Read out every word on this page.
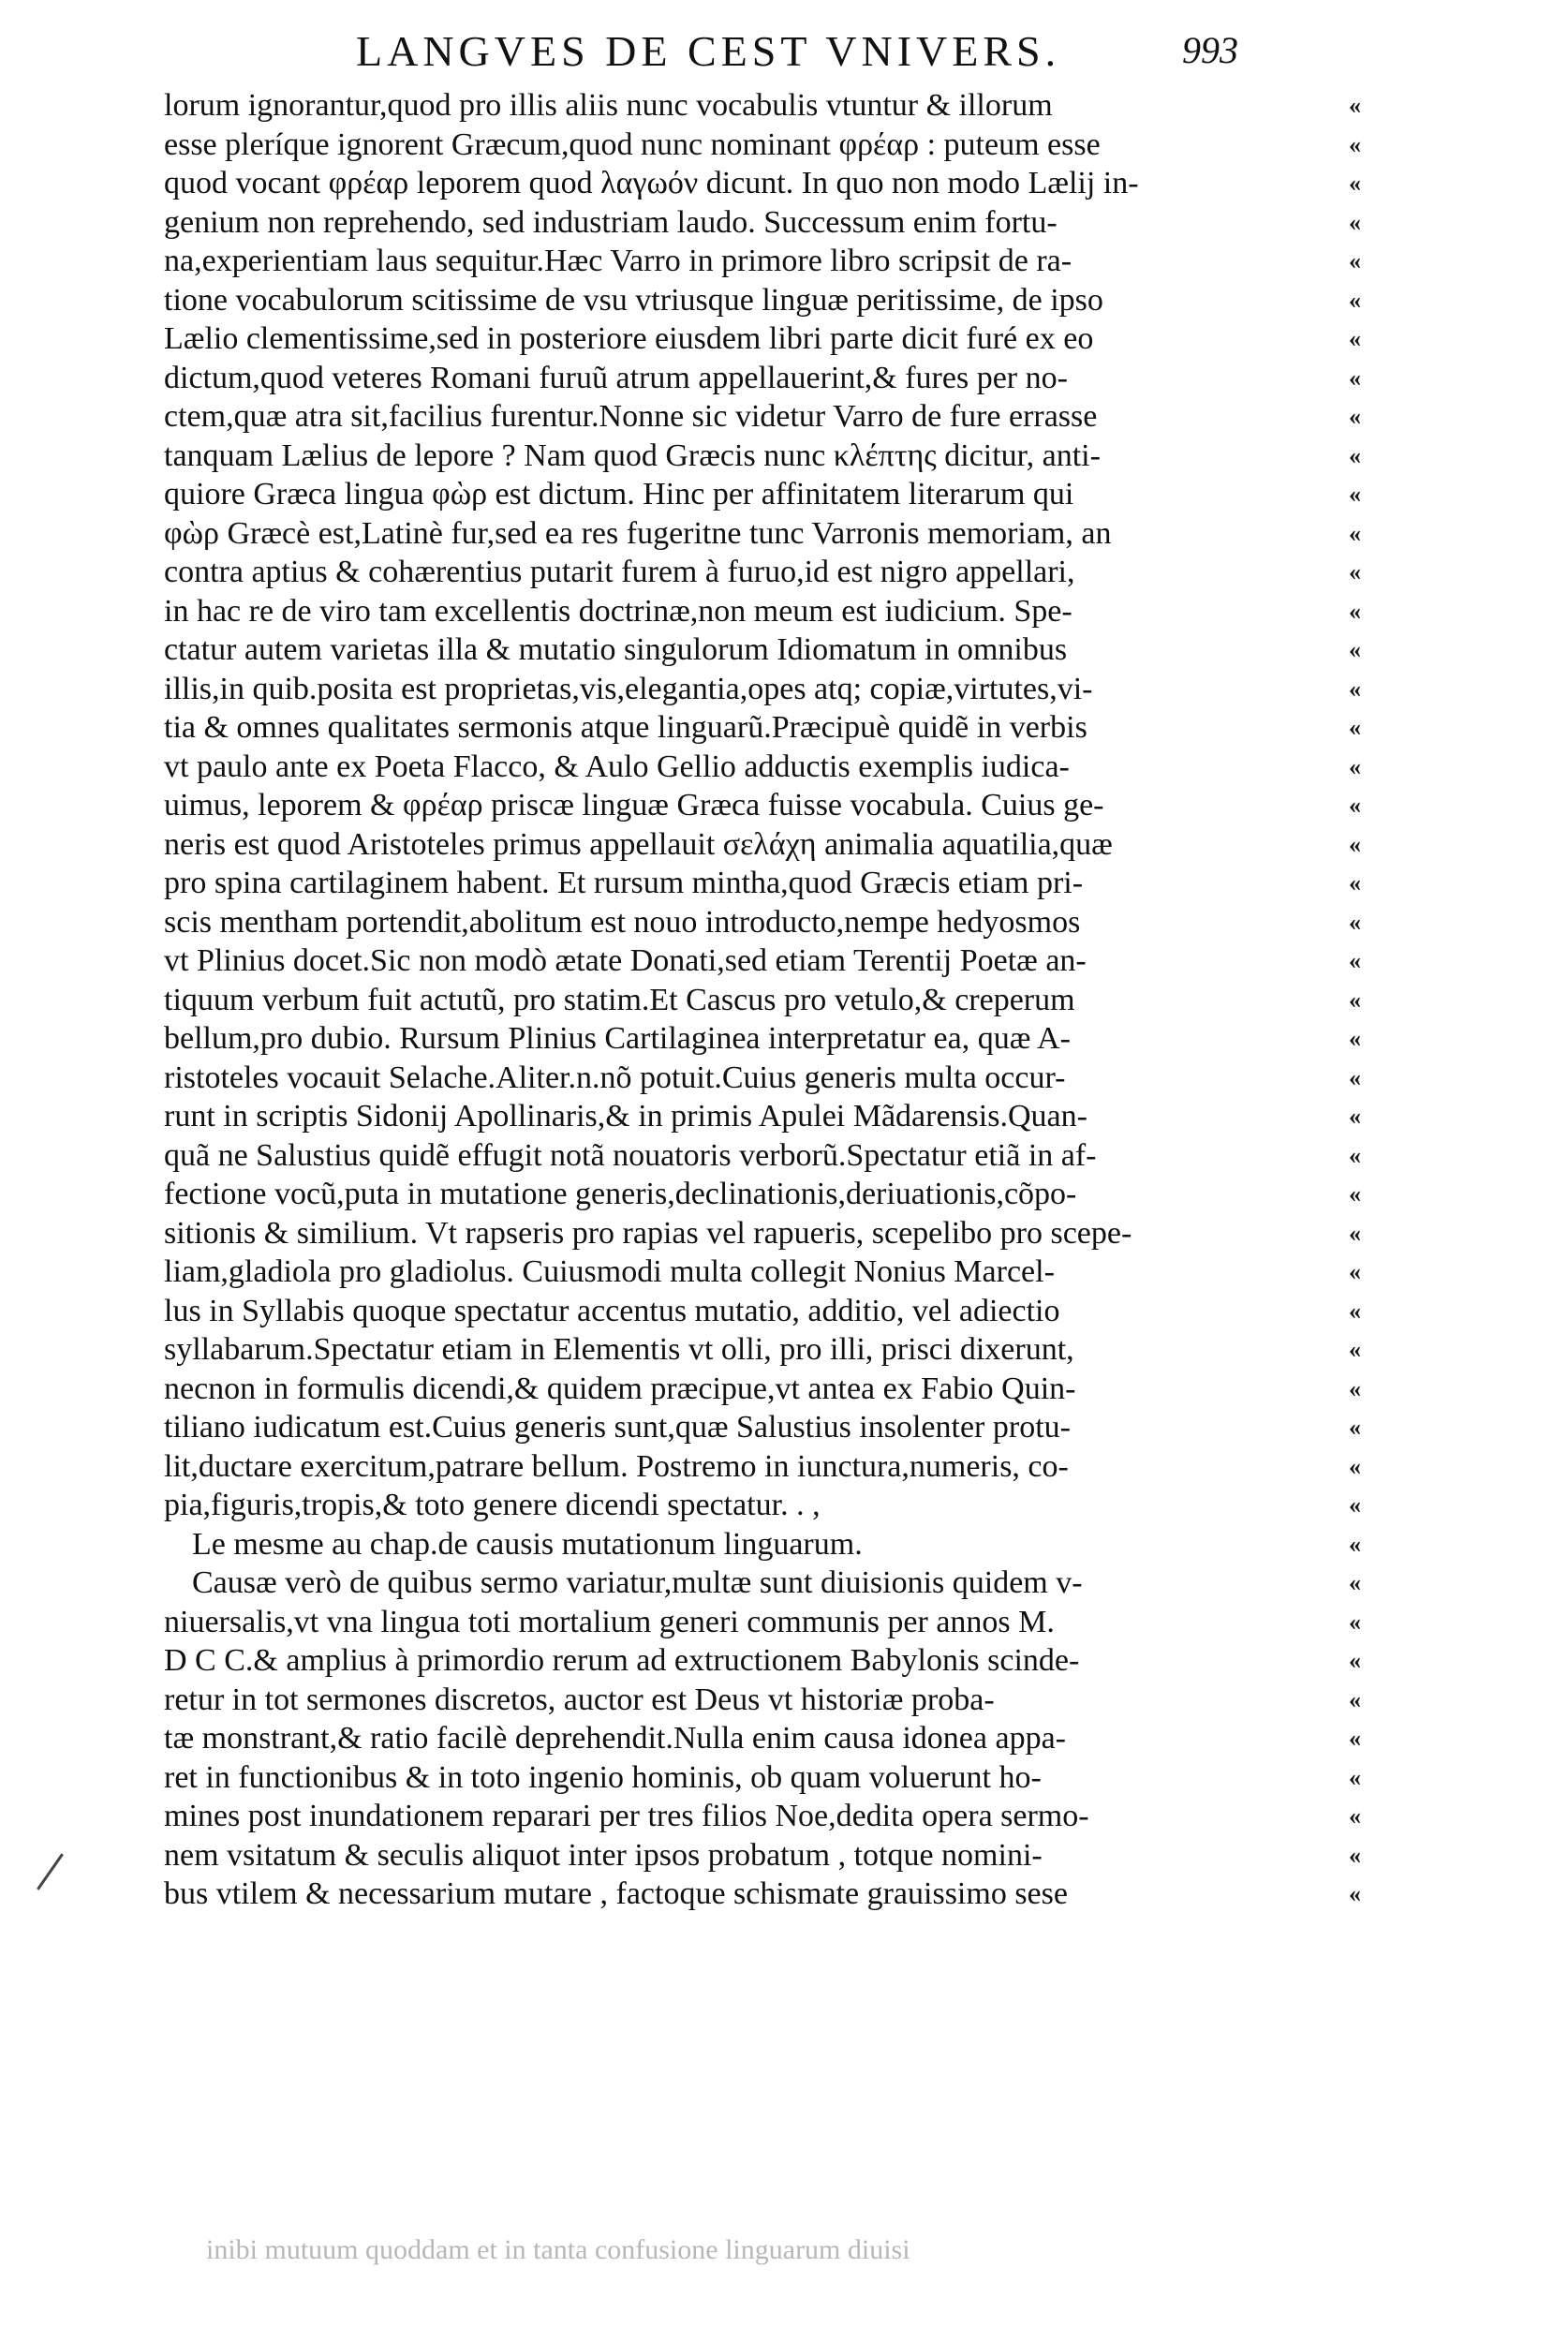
LANGVES DE CEST VNIVERS.	993
lorum ignorantur,quod pro illis aliis nunc vocabulis vtuntur & illorum
esse pleríque ignorent Græcum,quod nunc nominant φρέαρ : puteum esse
quod vocant φρέαρ leporem quod λαγωόν dicunt. In quo non modo Lælij in-
genium non reprehendo, sed industriam laudo. Successum enim fortu-
na,experientiam laus sequitur.Hæc Varro in primore libro scripsit de ra-
tione vocabulorum scitissime de vsu vtriusque linguæ peritissime, de ipso
Lælio clementissime,sed in posteriore eiusdem libri parte dicit furé ex eo
dictum,quod veteres Romani furuũ atrum appellauerint,& fures per no-
ctem,quæ atra sit,facilius furentur.Nonne sic videtur Varro de fure errasse
tanquam Lælius de lepore ? Nam quod Græcis nunc κλέπτης dicitur, anti-
quiore Græca lingua φὼρ est dictum. Hinc per affinitatem literarum qui
φὼρ Græcè est,Latinè fur,sed ea res fugeritne tunc Varronis memoriam, an
contra aptius & cohærentius putarit furem à furuo,id est nigro appellari,
in hac re de viro tam excellentis doctrinæ,non meum est iudicium. Spe-
ctatur autem varietas illa & mutatio singulorum Idiomatum in omnibus
illis,in quib.posita est proprietas,vis,elegantia,opes atq; copiæ,virtutes,vi-
tia & omnes qualitates sermonis atque linguarũ.Præcipuè quidẽ in verbis
vt paulo ante ex Poeta Flacco, & Aulo Gellio adductis exemplis iudica-
uimus, leporem & φρέαρ priscæ linguæ Græca fuisse vocabula. Cuius ge-
neris est quod Aristoteles primus appellauit σελάχη animalia aquatilia,quæ
pro spina cartilaginem habent. Et rursum mintha,quod Græcis etiam pri-
scis mentham portendit,abolitum est nouo introducto,nempe hedyosmos
vt Plinius docet.Sic non modò ætate Donati,sed etiam Terentij Poetæ an-
tiquum verbum fuit actutũ, pro statim.Et Cascus pro vetulo,& creperum
bellum,pro dubio. Rursum Plinius Cartilaginea interpretatur ea, quæ A-
ristoteles vocauit Selache.Aliter.n.nõ potuit.Cuius generis multa occur-
runt in scriptis Sidonij Apollinaris,& in primis Apulei Mãdarensis.Quan-
quã ne Salustius quidẽ effugit notã nouatoris verborũ.Spectatur etiã in af-
fectione vocũ,puta in mutatione generis,declinationis,deriuationis,cõpo-
sitionis & similium. Vt rapseris pro rapias vel rapueris, scepelibo pro scepe-
liam,gladiola pro gladiolus. Cuiusmodi multa collegit Nonius Marcel-
lus in Syllabis quoque spectatur accentus mutatio, additio, vel adiectio
syllabarum.Spectatur etiam in Elementis vt olli, pro illi, prisci dixerunt,
necnon in formulis dicendi,& quidem præcipue,vt antea ex Fabio Quin-
tiliano iudicatum est.Cuius generis sunt,quæ Salustius insolenter protu-
lit,ductare exercitum,patrare bellum. Postremo in iunctura,numeris, co-
pia,figuris,tropis,& toto genere dicendi spectatur. . ,
Le mesme au chap.de causis mutationum linguarum.
Causæ verò de quibus sermo variatur,multæ sunt diuisionis quidem v-
niuersalis,vt vna lingua toti mortalium generi communis per annos M.
D C C.& amplius à primordio rerum ad extructionem Babylonis scinde-
retur in tot sermones discretos, auctor est Deus vt historiæ proba-
tæ monstrant,& ratio facilè deprehendit.Nulla enim causa idonea appa-
ret in functionibus & in toto ingenio hominis, ob quam voluerunt ho-
mines post inundationem reparari per tres filios Noe,dedita opera sermo-
nem vsitatum & seculis aliquot inter ipsos probatum , totque nomini-
bus vtilem & necessarium mutare , factoque schismate grauissimo sese
«
«
«
«
«
«
«
«
«
«
«
«
«
«
«
«
«
«
«
«
«
«
«
«
«
«
«
«
«
«
«
«
«
«
«
«
«
«
«
«
«
«
«
«
«
«
«
inibi mutuum quoddam et in tanta confusione linguarum diuisi
